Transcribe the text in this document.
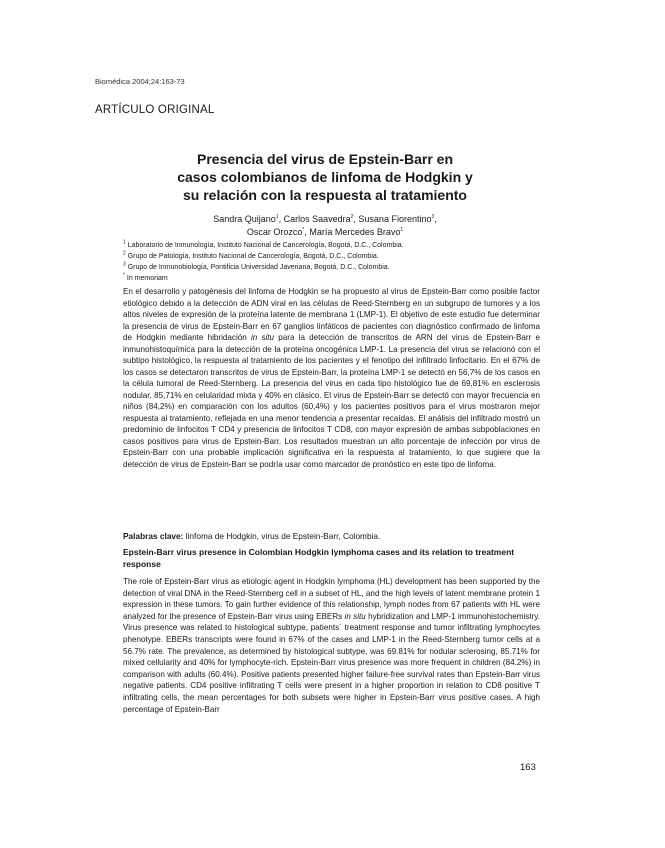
Biomédica 2004;24:163-73
ARTÍCULO ORIGINAL
Presencia del virus de Epstein-Barr en
casos colombianos de linfoma de Hodgkin y
su relación con la respuesta al tratamiento
Sandra Quijano$^1$, Carlos Saavedra$^2$, Susana Fiorentino$^3$,
Oscar Orozco*, María Mercedes Bravo$^1$
$^1$ Laboratorio de Inmunología, Instituto Nacional de Cancerología, Bogotá, D.C., Colombia.
$^2$ Grupo de Patología, Instituto Nacional de Cancerología, Bogotá, D.C., Colombia.
$^3$ Grupo de Inmunobiología, Pontificia Universidad Javeriana, Bogotá, D.C., Colombia.
* In memoriam
En el desarrollo y patogénesis del linfoma de Hodgkin se ha propuesto al virus de Epstein-Barr como posible factor etiológico debido a la detección de ADN viral en las células de Reed-Sternberg en un subgrupo de tumores y a los altos niveles de expresión de la proteína latente de membrana 1 (LMP-1). El objetivo de este estudio fue determinar la presencia de virus de Epstein-Barr en 67 ganglios linfáticos de pacientes con diagnóstico confirmado de linfoma de Hodgkin mediante hibridación in situ para la detección de transcritos de ARN del virus de Epstein-Barr e inmunohistoquímica para la detección de la proteína oncogénica LMP-1. La presencia del virus se relacionó con el subtipo histológico, la respuesta al tratamiento de los pacientes y el fenotipo del infiltrado linfocitario. En el 67% de los casos se detectaron transcritos de virus de Epstein-Barr, la proteína LMP-1 se detectó en 56,7% de los casos en la célula tumoral de Reed-Sternberg. La presencia del virus en cada tipo histológico fue de 69,81% en esclerosis nodular, 85,71% en celularidad mixta y 40% en clásico. El virus de Epstein-Barr se detectó con mayor frecuencia en niños (84,2%) en comparación con los adultos (60,4%) y los pacientes positivos para el virus mostraron mejor respuesta al tratamiento, reflejada en una menor tendencia a presentar recaídas. El análisis del infiltrado mostró un predominio de linfocitos T CD4 y presencia de linfocitos T CD8, con mayor expresión de ambas subpoblaciones en casos positivos para virus de Epstein-Barr. Los resultados muestran un alto porcentaje de infección por virus de Epstein-Barr con una probable implicación significativa en la respuesta al tratamiento, lo que sugiere que la detección de virus de Epstein-Barr se podría usar como marcador de pronóstico en este tipo de linfoma.
Palabras clave: linfoma de Hodgkin, virus de Epstein-Barr, Colombia.
Epstein-Barr virus presence in Colombian Hodgkin lymphoma cases and its relation to treatment response
The role of Epstein-Barr virus as etiologic agent in Hodgkin lymphoma (HL) development has been supported by the detection of viral DNA in the Reed-Sternberg cell in a subset of HL, and the high levels of latent membrane protein 1 expression in these tumors. To gain further evidence of this relationship, lymph nodes from 67 patients with HL were analyzed for the presence of Epstein-Barr virus using EBERs in situ hybridization and LMP-1 immunohistochemistry. Virus presence was related to histological subtype, patients´ treatment response and tumor infiltrating lymphocytes phenotype. EBERs transcripts were found in 67% of the cases and LMP-1 in the Reed-Sternberg tumor cells at a 56.7% rate. The prevalence, as determined by histological subtype, was 69.81% for nodular sclerosing, 85.71% for mixed cellularity and 40% for lymphocyte-rich. Epstein-Barr virus presence was more frequent in children (84.2%) in comparison with adults (60.4%). Positive patients presented higher failure-free survival rates than Epstein-Barr virus negative patients. CD4 positive infiltrating T cells were present in a higher proportion in relation to CD8 positive T infiltrating cells, the mean percentages for both subsets were higher in Epstein-Barr virus positive cases. A high percentage of Epstein-Barr
163
